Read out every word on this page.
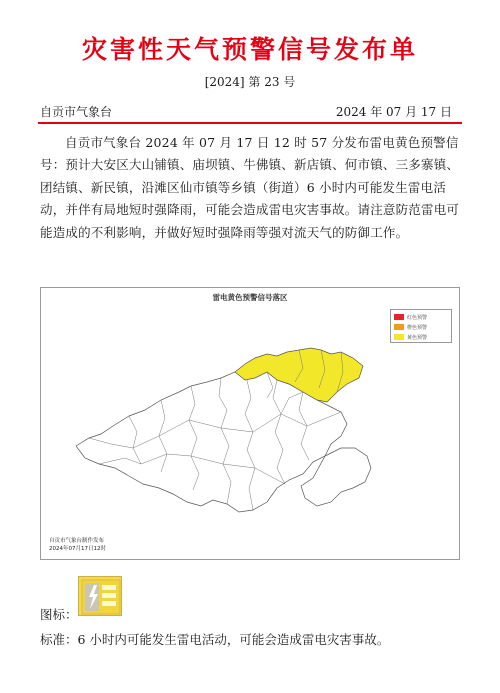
灾害性天气预警信号发布单
[2024] 第 23 号
自贡市气象台	2024 年 07 月 17 日
自贡市气象台 2024 年 07 月 17 日 12 时 57 分发布雷电黄色预警信号：预计大安区大山铺镇、庙坝镇、牛佛镇、新店镇、何市镇、三多寨镇、团结镇、新民镇，沿滩区仙市镇等乡镇（街道）6 小时内可能发生雷电活动，并伴有局地短时强降雨，可能会造成雷电灾害事故。请注意防范雷电可能造成的不利影响，并做好短时强降雨等强对流天气的防御工作。
雷电黄色预警信号落区
红色预警
橙色预警
黄色预警
自贡市气象台制作发布
2024年07月17日12时
图标：
标准：6 小时内可能发生雷电活动，可能会造成雷电灾害事故。
